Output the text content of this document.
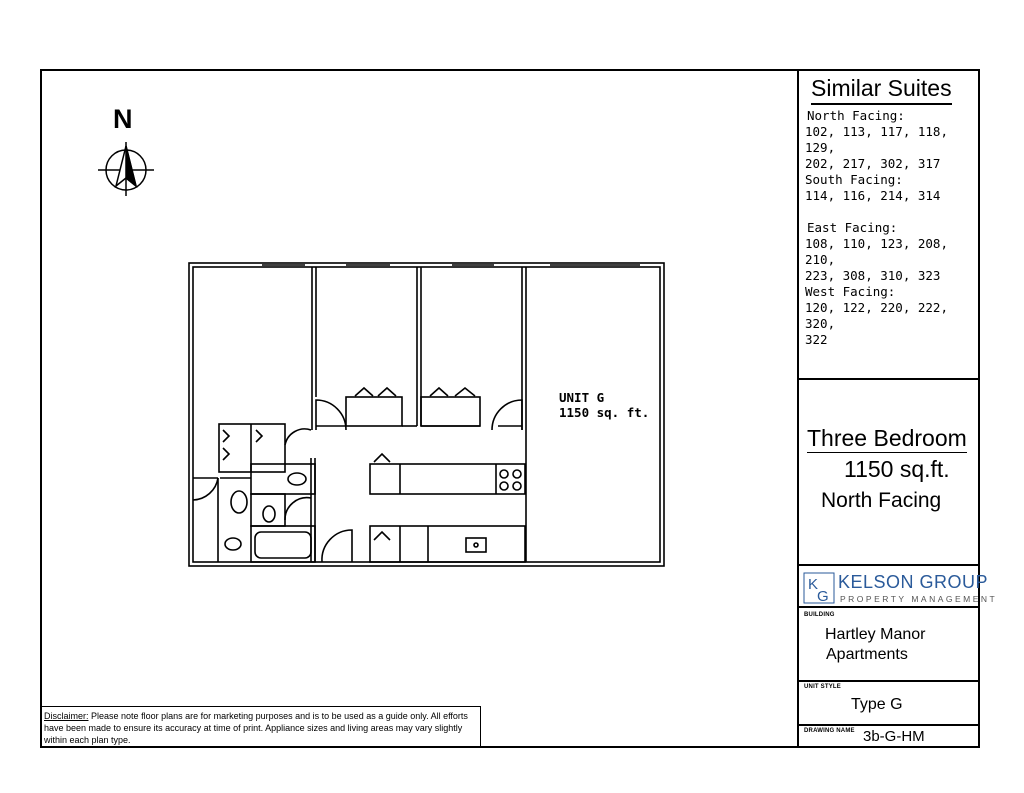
N
UNIT G
1150 sq. ft.
Disclaimer: Please note floor plans are for marketing purposes and is to be used as a guide only. All efforts have been made to ensure its accuracy at time of print. Appliance sizes and living areas may vary slightly within each plan type.
Similar Suites
North Facing:
102, 113, 117, 118, 129,
202, 217, 302, 317
South Facing:
114, 116, 214, 314
East Facing:
108, 110, 123, 208, 210,
223, 308, 310, 323
West Facing:
120, 122, 220, 222, 320,
322
Three Bedroom
1150 sq.ft.
North Facing
K
G
KELSON GROUP
PROPERTY MANAGEMENT
BUILDING
Hartley Manor
Apartments
UNIT STYLE
Type G
DRAWING NAME 3b-G-HM
